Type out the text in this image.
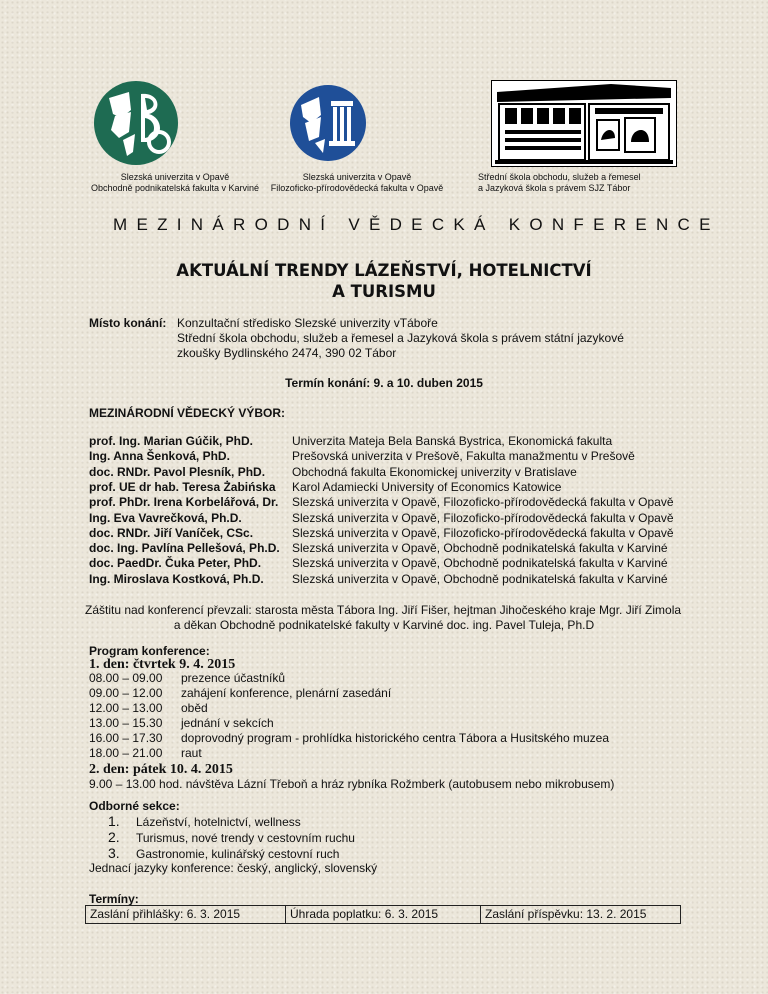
Slezská univerzita v Opavě
Obchodně podnikatelská fakulta v Karviné
Slezská univerzita v Opavě
Filozoficko-přírodovědecká fakulta v Opavě
Střední škola obchodu, služeb a řemesel
a Jazyková škola s právem SJZ Tábor
MEZINÁRODNÍ VĚDECKÁ KONFERENCE
AKTUÁLNÍ TRENDY LÁZEŇSTVÍ, HOTELNICTVÍ
A TURISMU
Místo konání: Konzultační středisko Slezské univerzity vTáboře
Střední škola obchodu, služeb a řemesel a Jazyková škola s právem státní jazykové
zkoušky Bydlinského 2474, 390 02 Tábor
Termín konání: 9. a 10. duben 2015
MEZINÁRODNÍ VĚDECKÝ VÝBOR:
prof. Ing. Marian Gúčik, PhD.	Univerzita Mateja Bela Banská Bystrica, Ekonomická fakulta
Ing. Anna Šenková, PhD.	Prešovská univerzita v Prešově, Fakulta manažmentu v Prešově
doc. RNDr. Pavol Plesník, PhD. Obchodná fakulta Ekonomickej univerzity v Bratislave
prof. UE dr hab. Teresa Żabińska Karol Adamiecki University of Economics Katowice
prof. PhDr. Irena Korbelářová, Dr. Slezská univerzita v Opavě, Filozoficko-přírodovědecká fakulta v Opavě
Ing. Eva Vavrečková, Ph.D.	Slezská univerzita v Opavě, Filozoficko-přírodovědecká fakulta v Opavě
doc. RNDr. Jiří Vaníček, CSc.	Slezská univerzita v Opavě, Filozoficko-přírodovědecká fakulta v Opavě
doc. Ing. Pavlína Pellešová, Ph.D. Slezská univerzita v Opavě, Obchodně podnikatelská fakulta v Karviné
doc. PaedDr. Čuka Peter, PhD.	Slezská univerzita v Opavě, Obchodně podnikatelská fakulta v Karviné
Ing. Miroslava Kostková, Ph.D. Slezská univerzita v Opavě, Obchodně podnikatelská fakulta v Karviné
Záštitu nad konferencí převzali: starosta města Tábora Ing. Jiří Fišer, hejtman Jihočeského kraje Mgr. Jiří Zimola
a děkan Obchodně podnikatelské fakulty v Karviné doc. ing. Pavel Tuleja, Ph.D
Program konference:
1. den: čtvrtek 9. 4. 2015
08.00 – 09.00 prezence účastníků
09.00 – 12.00 zahájení konference, plenární zasedání
12.00 – 13.00 oběd
13.00 – 15.30 jednání v sekcích
16.00 – 17.30 doprovodný program - prohlídka historického centra Tábora a Husitského muzea
18.00 – 21.00 raut
2. den: pátek 10. 4. 2015
9.00 – 13.00 hod. návštěva Lázní Třeboň a hráz rybníka Rožmberk (autobusem nebo mikrobusem)
Odborné sekce:
1. Lázeňství, hotelnictví, wellness
2. Turismus, nové trendy v cestovním ruchu
3. Gastronomie, kulinářský cestovní ruch
Jednací jazyky konference: český, anglický, slovenský
Termíny:
Zaslání přihlášky: 6. 3. 2015	Úhrada poplatku: 6. 3. 2015	Zaslání příspěvku: 13. 2. 2015
